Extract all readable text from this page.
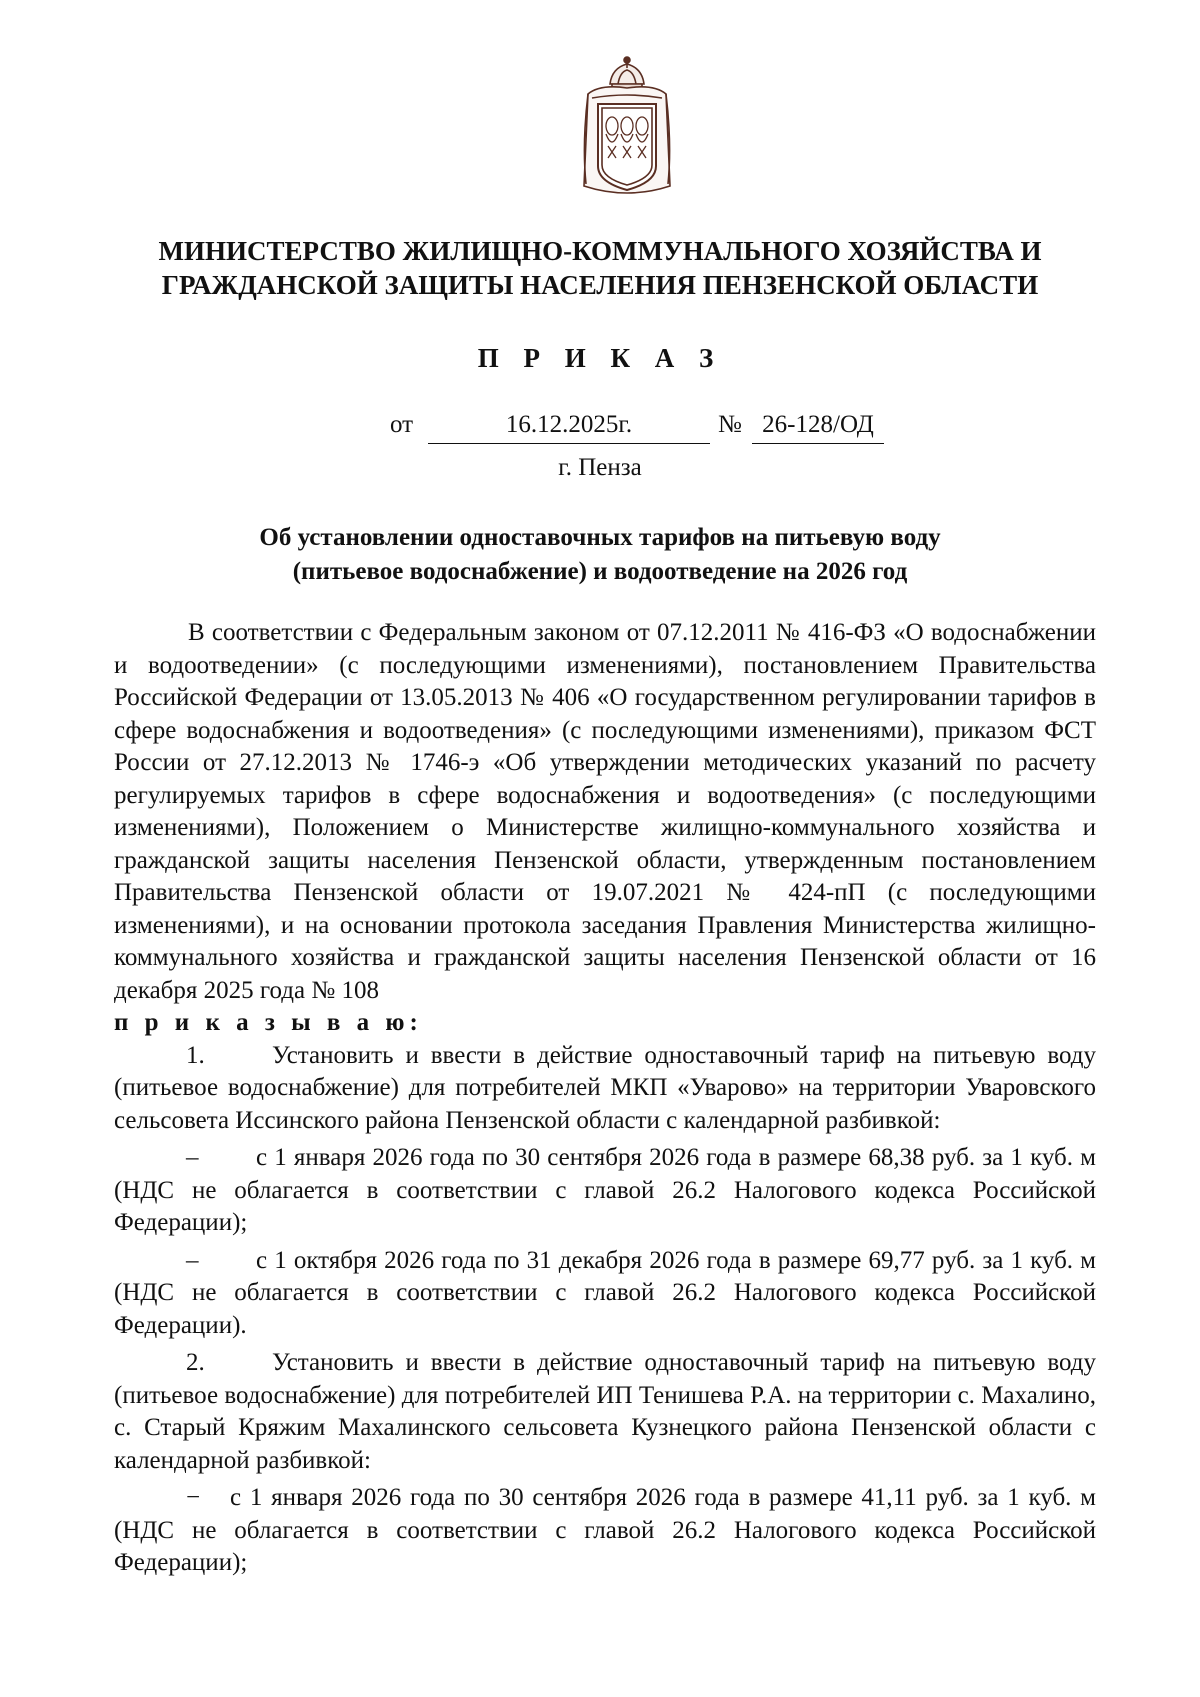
МИНИСТЕРСТВО ЖИЛИЩНО-КОММУНАЛЬНОГО ХОЗЯЙСТВА И
ГРАЖДАНСКОЙ ЗАЩИТЫ НАСЕЛЕНИЯ ПЕНЗЕНСКОЙ ОБЛАСТИ
П Р И К А З
от	16.12.2025г.	№ 26-128/ОД
г. Пенза
Об установлении одноставочных тарифов на питьевую воду
(питьевое водоснабжение) и водоотведение на 2026 год

В соответствии с Федеральным законом от 07.12.2011 № 416-ФЗ «О водоснабжении и водоотведении» (с последующими изменениями), постановлением Правительства Российской Федерации от 13.05.2013 № 406 «О государственном регулировании тарифов в сфере водоснабжения и водоотведения» (с последующими изменениями), приказом ФСТ России от 27.12.2013 № 1746-э «Об утверждении методических указаний по расчету регулируемых тарифов в сфере водоснабжения и водоотведения» (с последующими изменениями), Положением о Министерстве жилищно-коммунального хозяйства и гражданской защиты населения Пензенской области, утвержденным постановлением Правительства Пензенской области от 19.07.2021 № 424-пП (с последующими изменениями), и на основании протокола заседания Правления Министерства жилищно-коммунального хозяйства и гражданской защиты населения Пензенской области от 16 декабря 2025 года № 108

п р и к а з ы в а ю:

1.	Установить и ввести в действие одноставочный тариф на питьевую воду (питьевое водоснабжение) для потребителей МКП «Уварово» на территории Уваровского сельсовета Иссинского района Пензенской области с календарной разбивкой:

– с 1 января 2026 года по 30 сентября 2026 года в размере 68,38 руб. за 1 куб. м (НДС не облагается в соответствии с главой 26.2 Налогового кодекса Российской Федерации);

– с 1 октября 2026 года по 31 декабря 2026 года в размере 69,77 руб. за 1 куб. м (НДС не облагается в соответствии с главой 26.2 Налогового кодекса Российской Федерации).

2.	Установить и ввести в действие одноставочный тариф на питьевую воду (питьевое водоснабжение) для потребителей ИП Тенишева Р.А. на территории с. Махалино, с. Старый Кряжим Махалинского сельсовета Кузнецкого района Пензенской области с календарной разбивкой:

− с 1 января 2026 года по 30 сентября 2026 года в размере 41,11 руб. за 1 куб. м (НДС не облагается в соответствии с главой 26.2 Налогового кодекса Российской Федерации);
